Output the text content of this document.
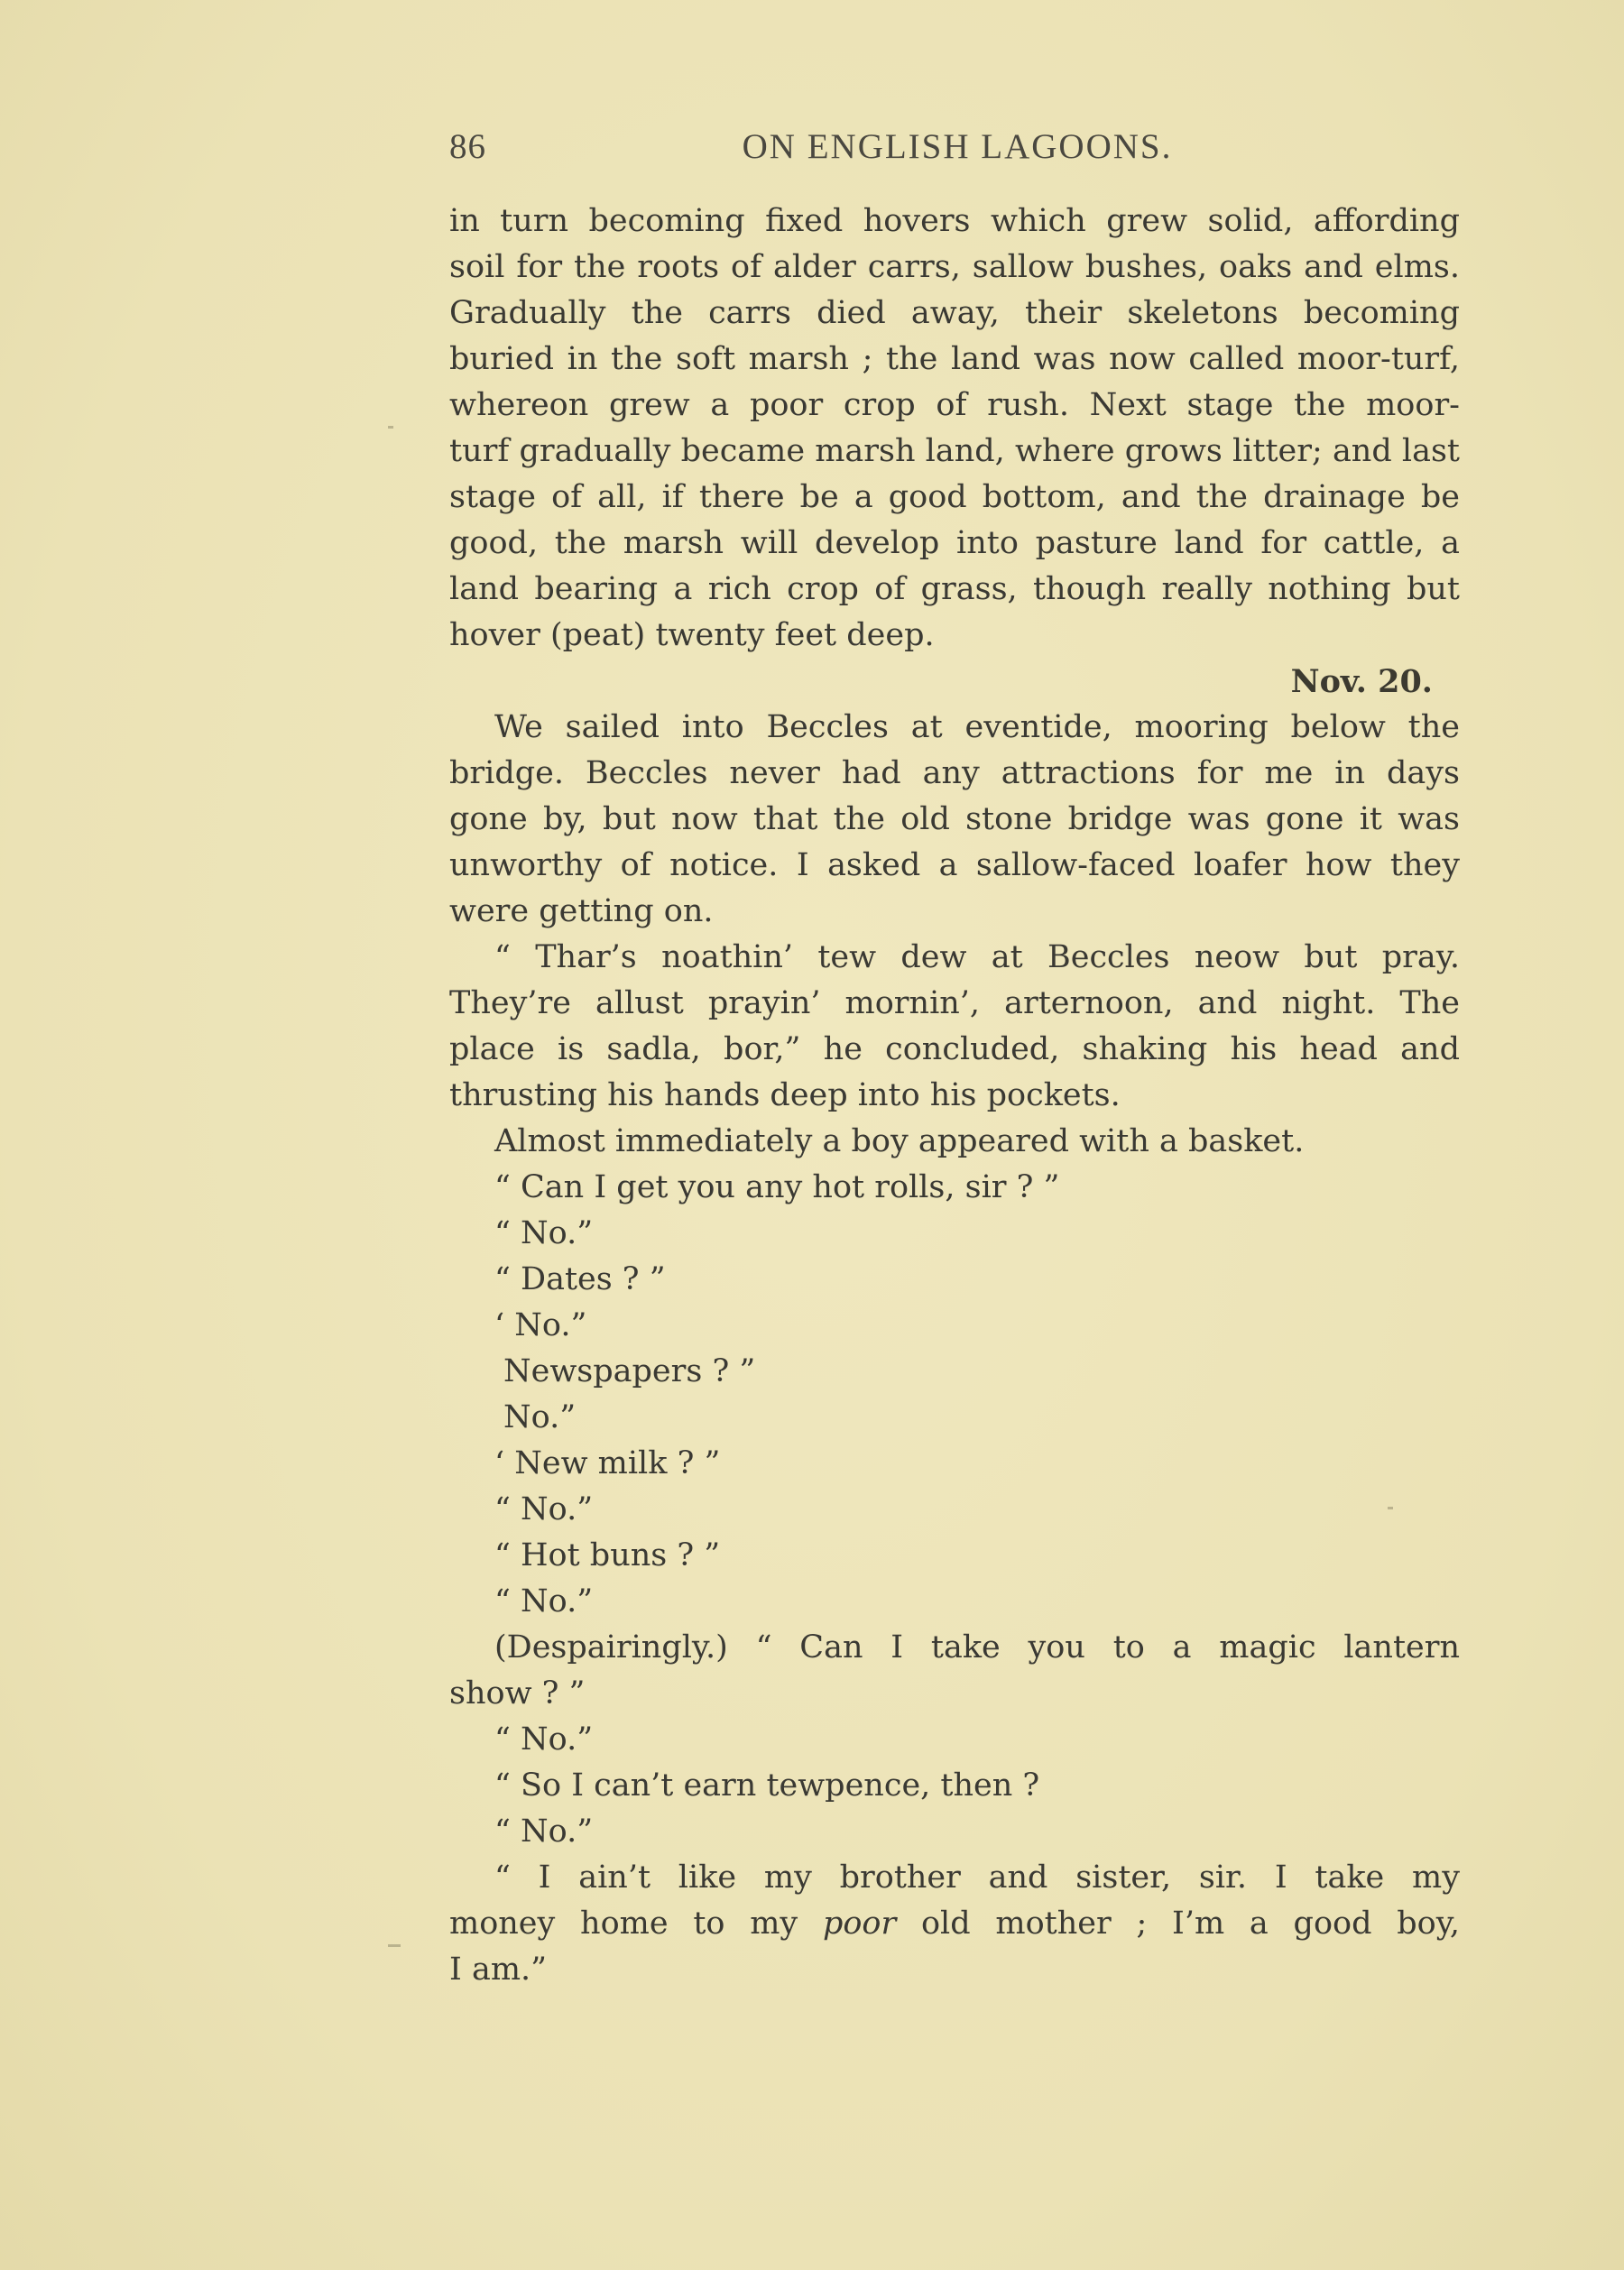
86	ON ENGLISH LAGOONS.
in turn becoming fixed hovers which grew solid, affording
soil for the roots of alder carrs, sallow bushes, oaks and elms.
Gradually the carrs died away, their skeletons becoming
buried in the soft marsh ; the land was now called moor-turf,
whereon grew a poor crop of rush. Next stage the moor-
turf gradually became marsh land, where grows litter; and last
stage of all, if there be a good bottom, and the drainage be
good, the marsh will develop into pasture land for cattle, a
land bearing a rich crop of grass, though really nothing but
hover (peat) twenty feet deep.
Nov. 20.
We sailed into Beccles at eventide, mooring below the
bridge. Beccles never had any attractions for me in days
gone by, but now that the old stone bridge was gone it was
unworthy of notice. I asked a sallow-faced loafer how they
were getting on.
“ Thar’s noathin’ tew dew at Beccles neow but pray.
They’re allust prayin’ mornin’, arternoon, and night. The
place is sadla, bor,” he concluded, shaking his head and
thrusting his hands deep into his pockets.
Almost immediately a boy appeared with a basket.
“ Can I get you any hot rolls, sir ? ”
“ No.”
“ Dates ? ”
‘ No.”
Newspapers ? ”
No.”
‘ New milk ? ”
“ No.”
“ Hot buns ? ”
“ No.”
(Despairingly.) “ Can I take you to a magic lantern
show ? ”
“ No.”
“ So I can’t earn tewpence, then ?
“ No.”
“ I ain’t like my brother and sister, sir. I take my
money home to my poor old mother ; I’m a good boy,
I am.”
